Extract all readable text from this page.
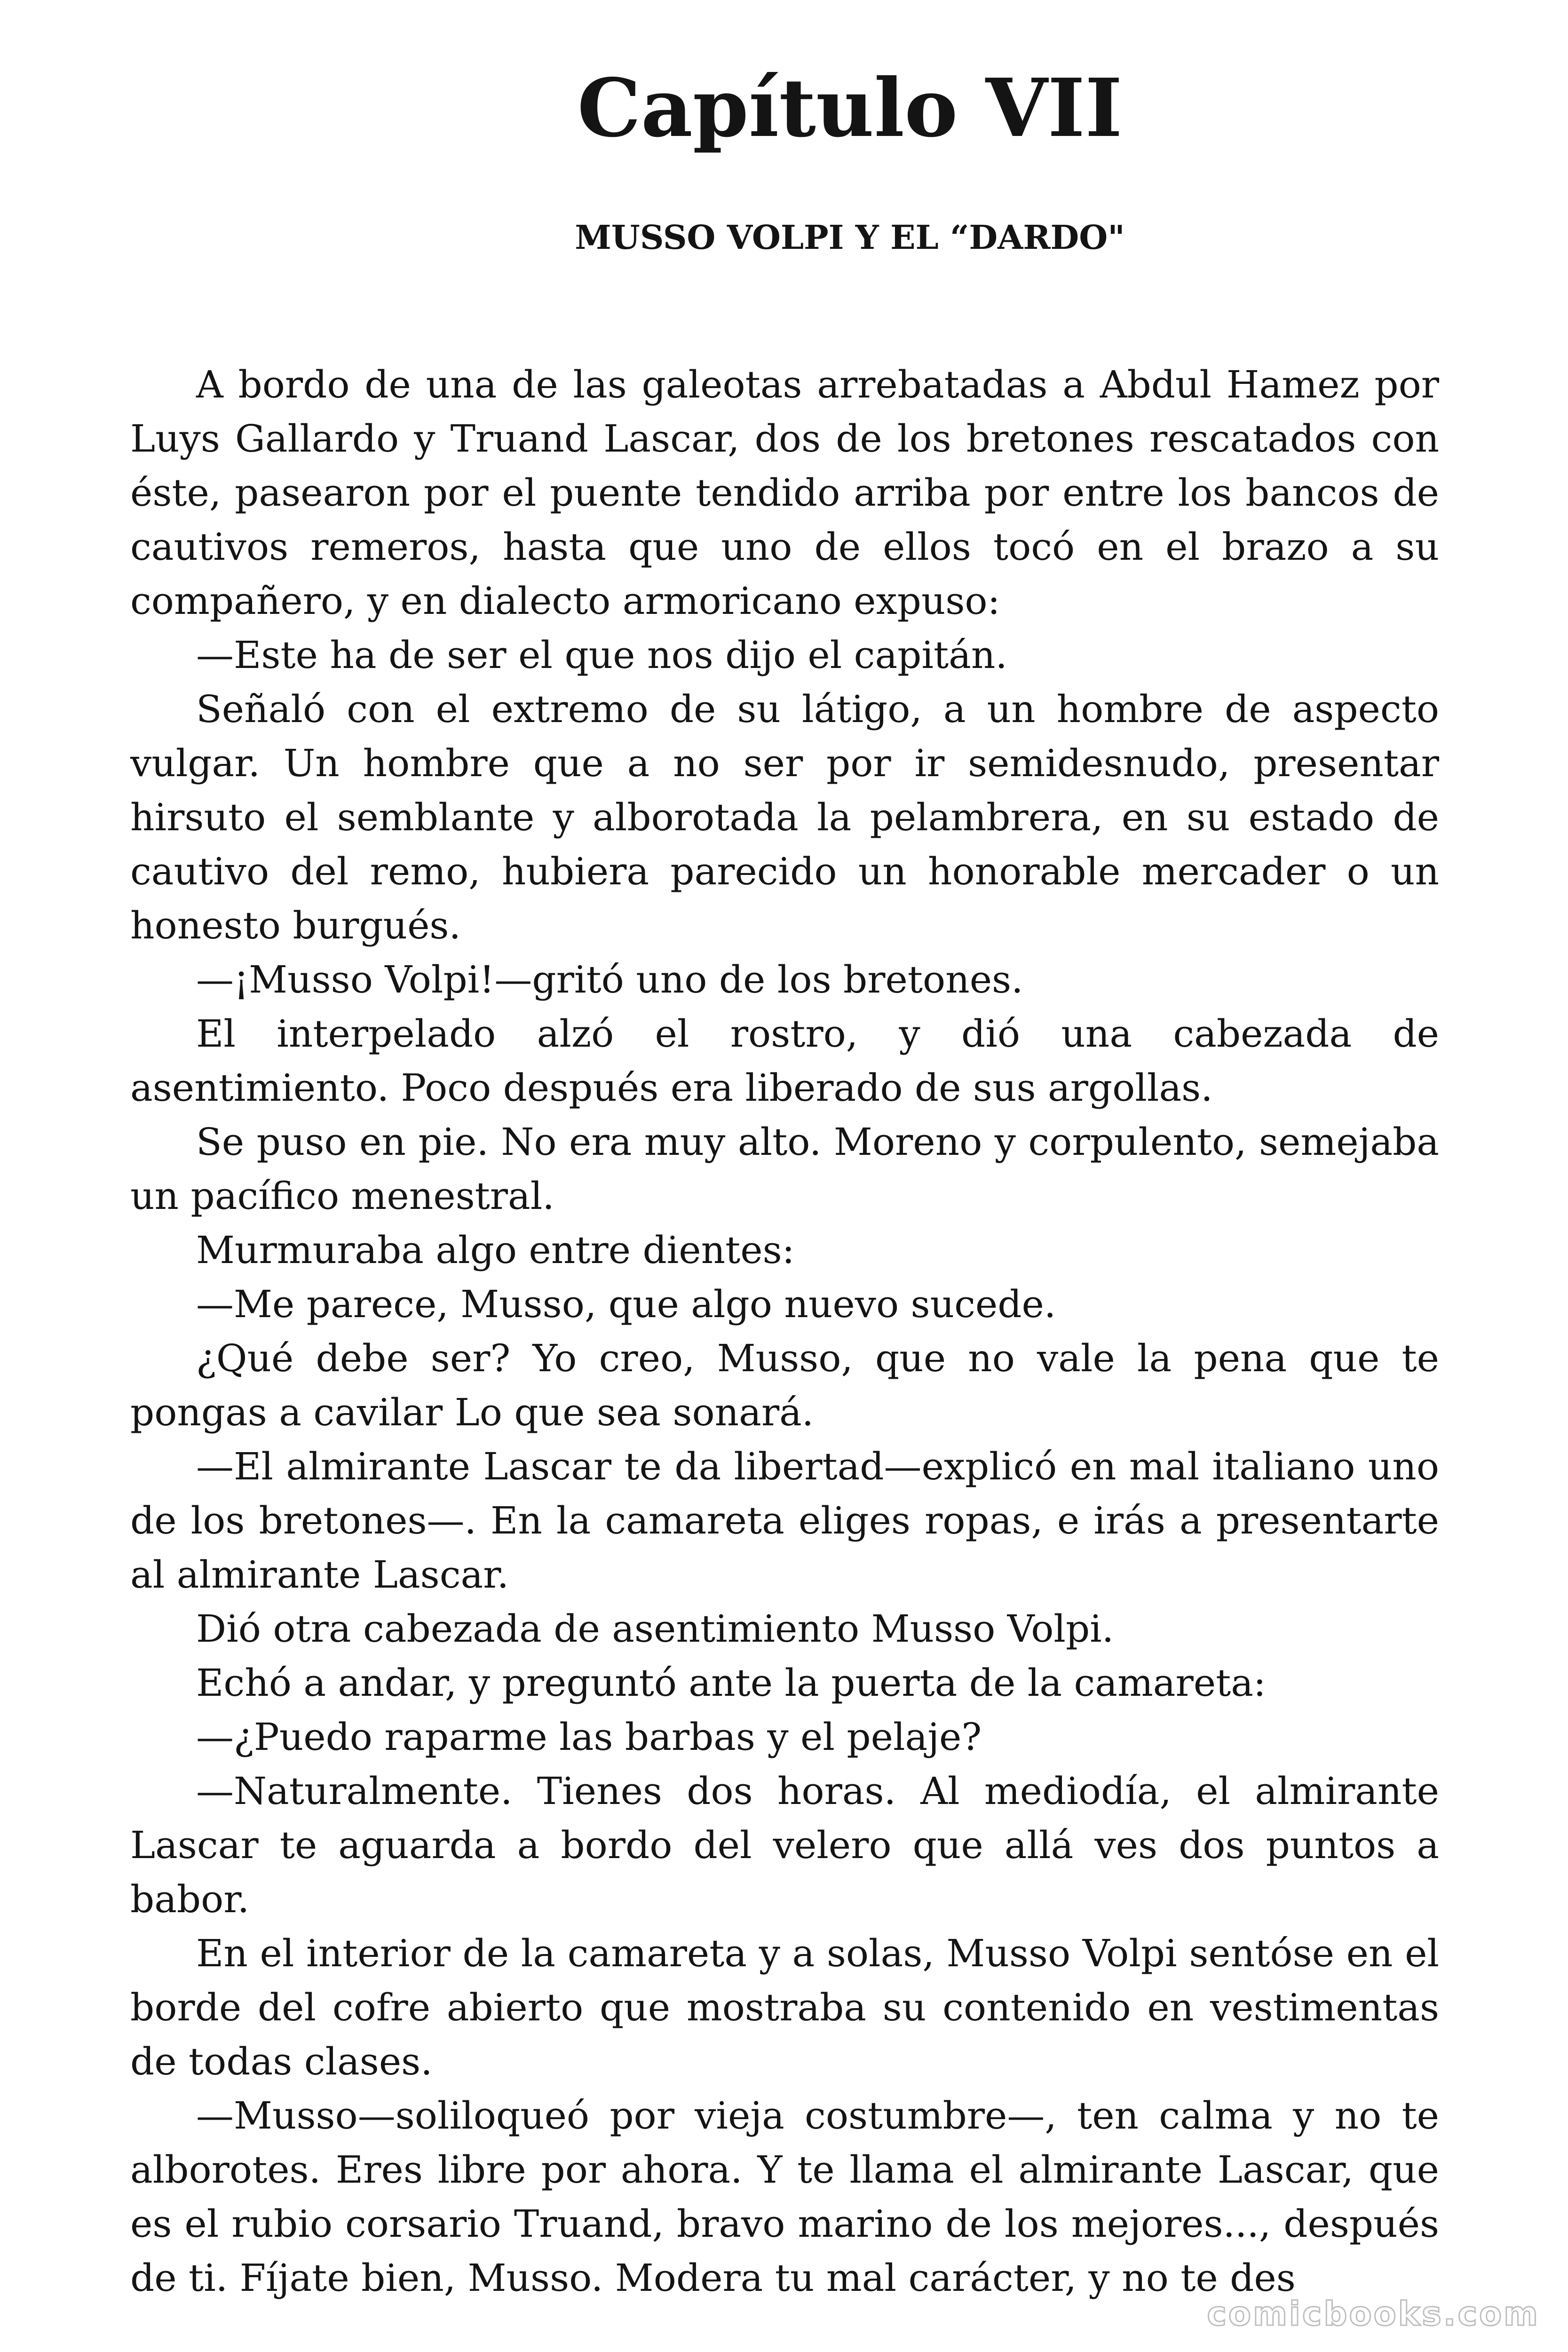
Capítulo VII
MUSSO VOLPI Y EL “DARDO"

A bordo de una de las galeotas arrebatadas a Abdul Hamez por Luys Gallardo y Truand Lascar, dos de los bretones rescatados con éste, pasearon por el puente tendido arriba por entre los bancos de cautivos remeros, hasta que uno de ellos tocó en el brazo a su compañero, y en dialecto armoricano expuso:

—Este ha de ser el que nos dijo el capitán.

Señaló con el extremo de su látigo, a un hombre de aspecto vulgar. Un hombre que a no ser por ir semidesnudo, presentar hirsuto el semblante y alborotada la pelambrera, en su estado de cautivo del remo, hubiera parecido un honorable mercader o un honesto burgués.

—¡Musso Volpi!—gritó uno de los bretones.

El interpelado alzó el rostro, y dió una cabezada de asentimiento. Poco después era liberado de sus argollas.

Se puso en pie. No era muy alto. Moreno y corpulento, semejaba un pacífico menestral.

Murmuraba algo entre dientes:

—Me parece, Musso, que algo nuevo sucede.

¿Qué debe ser? Yo creo, Musso, que no vale la pena que te pongas a cavilar Lo que sea sonará.

—El almirante Lascar te da libertad—explicó en mal italiano uno de los bretones—. En la camareta eliges ropas, e irás a presentarte al almirante Lascar.

Dió otra cabezada de asentimiento Musso Volpi.

Echó a andar, y preguntó ante la puerta de la camareta:

—¿Puedo raparme las barbas y el pelaje?

—Naturalmente. Tienes dos horas. Al mediodía, el almirante Lascar te aguarda a bordo del velero que allá ves dos puntos a babor.

En el interior de la camareta y a solas, Musso Volpi sentóse en el borde del cofre abierto que mostraba su contenido en vestimentas de todas clases.

—Musso—soliloqueó por vieja costumbre—, ten calma y no te alborotes. Eres libre por ahora. Y te llama el almirante Lascar, que es el rubio corsario Truand, bravo marino de los mejores..., después de ti. Fíjate bien, Musso. Modera tu mal carácter, y no te des

comicbooks.com
